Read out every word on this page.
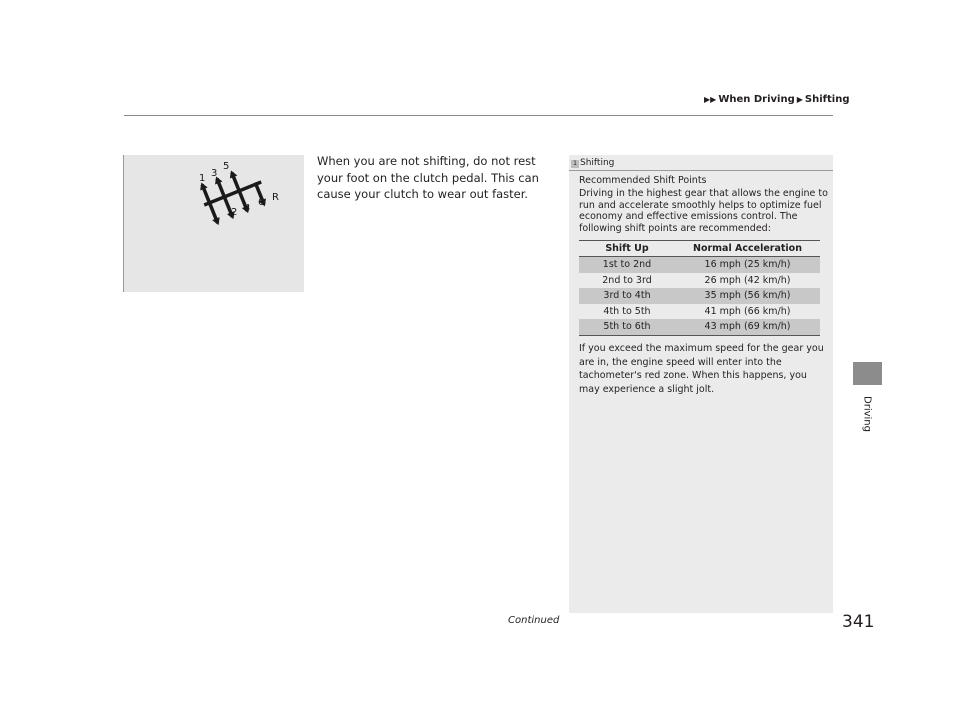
▶▶ When Driving ▶ Shifting
Driving
1 3
5
2 4
6 R
When you are not shifting, do not rest your foot on the clutch pedal. This can cause your clutch to wear out faster.
1 Shifting
Recommended Shift Points
Driving in the highest gear that allows the engine to run and accelerate smoothly helps to optimize fuel economy and effective emissions control. The following shift points are recommended:
Shift Up	Normal Acceleration
1st to 2nd	16 mph (25 km/h)
2nd to 3rd	26 mph (42 km/h)
3rd to 4th	35 mph (56 km/h)
4th to 5th	41 mph (66 km/h)
5th to 6th	43 mph (69 km/h)
If you exceed the maximum speed for the gear you are in, the engine speed will enter into the tachometer's red zone. When this happens, you may experience a slight jolt.
Continued	341
